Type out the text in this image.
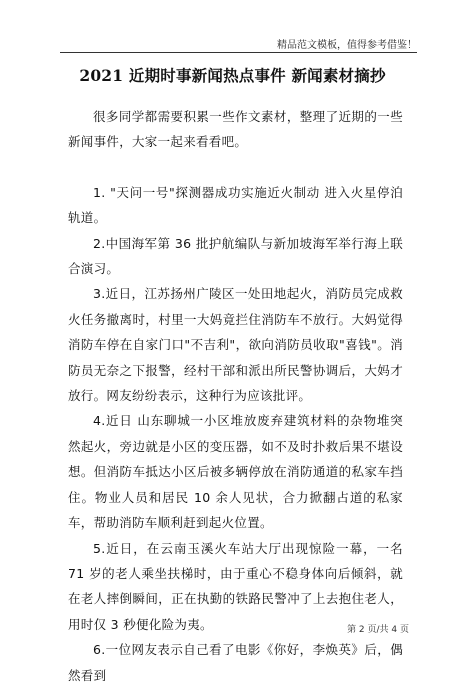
精品范文模板，值得参考借鉴！
2021 近期时事新闻热点事件 新闻素材摘抄

很多同学都需要积累一些作文素材，整理了近期的一些新闻事件，大家一起来看看吧。

1. "天问一号"探测器成功实施近火制动 进入火星停泊轨道。

2.中国海军第 36 批护航编队与新加坡海军举行海上联合演习。

3.近日，江苏扬州广陵区一处田地起火，消防员完成救火任务撤离时，村里一大妈竟拦住消防车不放行。大妈觉得消防车停在自家门口"不吉利"，欲向消防员收取"喜钱"。消防员无奈之下报警，经村干部和派出所民警协调后，大妈才放行。网友纷纷表示，这种行为应该批评。

4.近日 山东聊城一小区堆放废弃建筑材料的杂物堆突然起火，旁边就是小区的变压器，如不及时扑救后果不堪设想。但消防车抵达小区后被多辆停放在消防通道的私家车挡住。物业人员和居民 10 余人见状，合力掀翻占道的私家车，帮助消防车顺利赶到起火位置。

5.近日，在云南玉溪火车站大厅出现惊险一幕，一名 71 岁的老人乘坐扶梯时，由于重心不稳身体向后倾斜，就在老人摔倒瞬间，正在执勤的铁路民警冲了上去抱住老人，用时仅 3 秒便化险为夷。

6.一位网友表示自己看了电影《你好，李焕英》后，偶然看到

第 2 页/共 4 页
